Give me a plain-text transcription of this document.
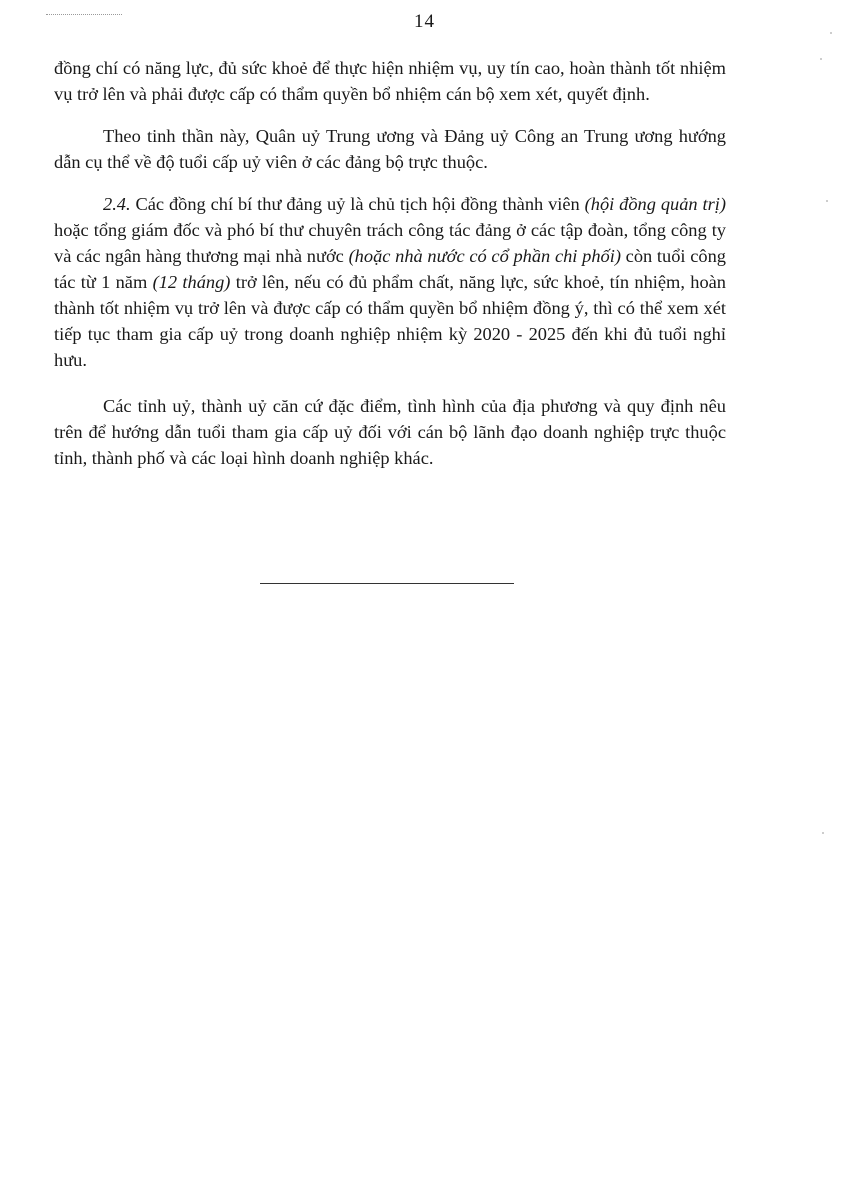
14

đồng chí có năng lực, đủ sức khoẻ để thực hiện nhiệm vụ, uy tín cao, hoàn thành tốt nhiệm vụ trở lên và phải được cấp có thẩm quyền bổ nhiệm cán bộ xem xét, quyết định.

Theo tinh thần này, Quân uỷ Trung ương và Đảng uỷ Công an Trung ương hướng dẫn cụ thể về độ tuổi cấp uỷ viên ở các đảng bộ trực thuộc.

2.4. Các đồng chí bí thư đảng uỷ là chủ tịch hội đồng thành viên (hội đồng quản trị) hoặc tổng giám đốc và phó bí thư chuyên trách công tác đảng ở các tập đoàn, tổng công ty và các ngân hàng thương mại nhà nước (hoặc nhà nước có cổ phần chi phối) còn tuổi công tác từ 1 năm (12 tháng) trở lên, nếu có đủ phẩm chất, năng lực, sức khoẻ, tín nhiệm, hoàn thành tốt nhiệm vụ trở lên và được cấp có thẩm quyền bổ nhiệm đồng ý, thì có thể xem xét tiếp tục tham gia cấp uỷ trong doanh nghiệp nhiệm kỳ 2020 - 2025 đến khi đủ tuổi nghỉ hưu.

Các tỉnh uỷ, thành uỷ căn cứ đặc điểm, tình hình của địa phương và quy định nêu trên để hướng dẫn tuổi tham gia cấp uỷ đối với cán bộ lãnh đạo doanh nghiệp trực thuộc tỉnh, thành phố và các loại hình doanh nghiệp khác.
